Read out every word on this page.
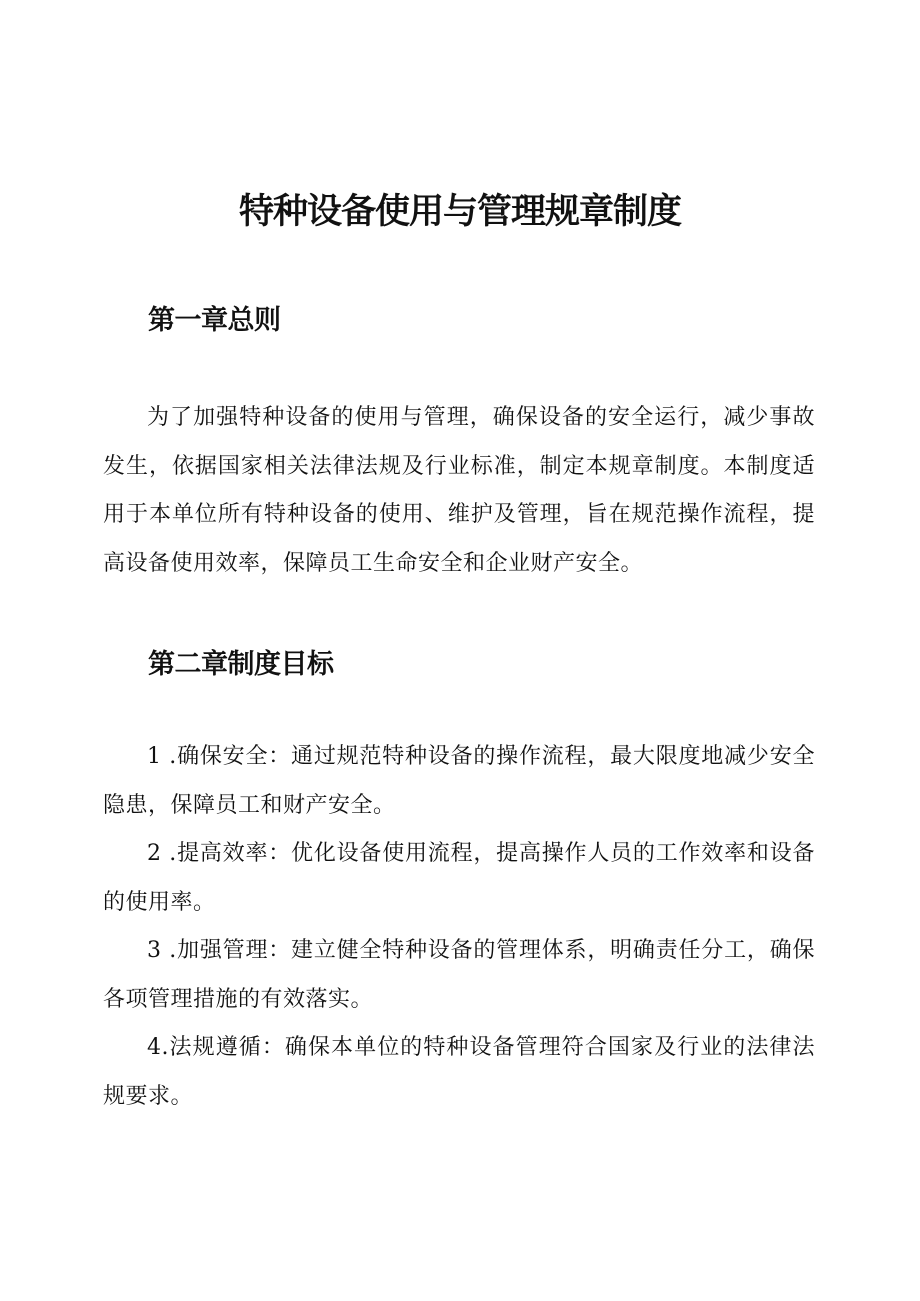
特种设备使用与管理规章制度
第一章总则

为了加强特种设备的使用与管理，确保设备的安全运行，减少事故发生，依据国家相关法律法规及行业标准，制定本规章制度。本制度适用于本单位所有特种设备的使用、维护及管理，旨在规范操作流程，提高设备使用效率，保障员工生命安全和企业财产安全。

第二章制度目标

1 .确保安全：通过规范特种设备的操作流程，最大限度地减少安全隐患，保障员工和财产安全。

2 .提高效率：优化设备使用流程，提高操作人员的工作效率和设备的使用率。

3 .加强管理：建立健全特种设备的管理体系，明确责任分工，确保各项管理措施的有效落实。

4.法规遵循：确保本单位的特种设备管理符合国家及行业的法律法规要求。
